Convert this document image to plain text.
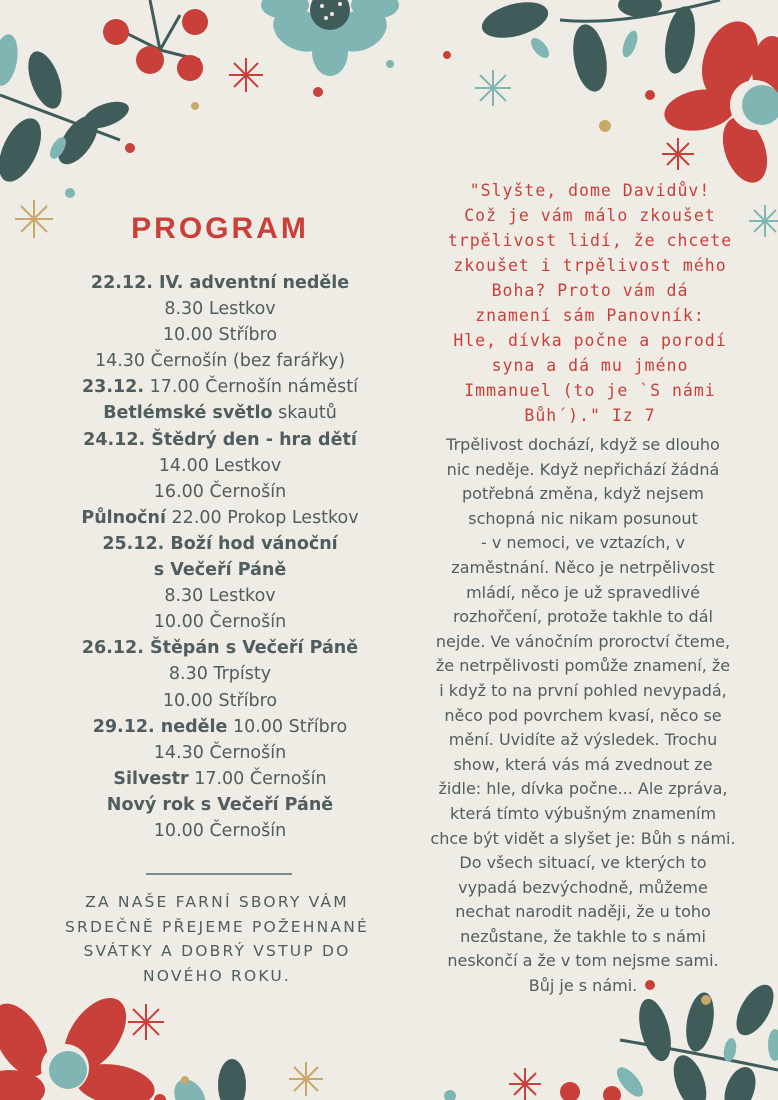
PROGRAM
22.12. IV. adventní neděle
8.30 Lestkov
10.00 Stříbro
14.30 Černošín (bez farářky)
23.12. 17.00 Černošín náměstí
Betlémské světlo skautů
24.12. Štědrý den - hra dětí
14.00 Lestkov
16.00 Černošín
Půlnoční 22.00 Prokop Lestkov
25.12. Boží hod vánoční
s Večeří Páně
8.30 Lestkov
10.00 Černošín
26.12. Štěpán s Večeří Páně
8.30 Trpísty
10.00 Stříbro
29.12. neděle 10.00 Stříbro
14.30 Černošín
Silvestr 17.00 Černošín
Nový rok s Večeří Páně
10.00 Černošín
ZA NAŠE FARNÍ SBORY VÁM
SRDEČNĚ PŘEJEME POŽEHNANÉ
SVÁTKY A DOBRÝ VSTUP DO
NOVÉHO ROKU.
"Slyšte, dome Davidův!
Což je vám málo zkoušet
trpělivost lidí, že chcete
zkoušet i trpělivost mého
Boha? Proto vám dá
znamení sám Panovník:
Hle, dívka počne a porodí
syna a dá mu jméno
Immanuel (to je `S námi
Bůh´)." Iz 7
Trpělivost dochází, když se dlouho
nic neděje. Když nepřichází žádná
potřebná změna, když nejsem
schopná nic nikam posunout
- v nemoci, ve vztazích, v
zaměstnání. Něco je netrpělivost
mládí, něco je už spravedlivé
rozhořčení, protože takhle to dál
nejde. Ve vánočním proroctví čteme,
že netrpělivosti pomůže znamení, že
i když to na první pohled nevypadá,
něco pod povrchem kvasí, něco se
mění. Uvidíte až výsledek. Trochu
show, která vás má zvednout ze
židle: hle, dívka počne... Ale zpráva,
která tímto výbušným znamením
chce být vidět a slyšet je: Bůh s námi.
Do všech situací, ve kterých to
vypadá bezvýchodně, můžeme
nechat narodit naději, že u toho
nezůstane, že takhle to s námi
neskončí a že v tom nejsme sami.
Bůj je s námi.
